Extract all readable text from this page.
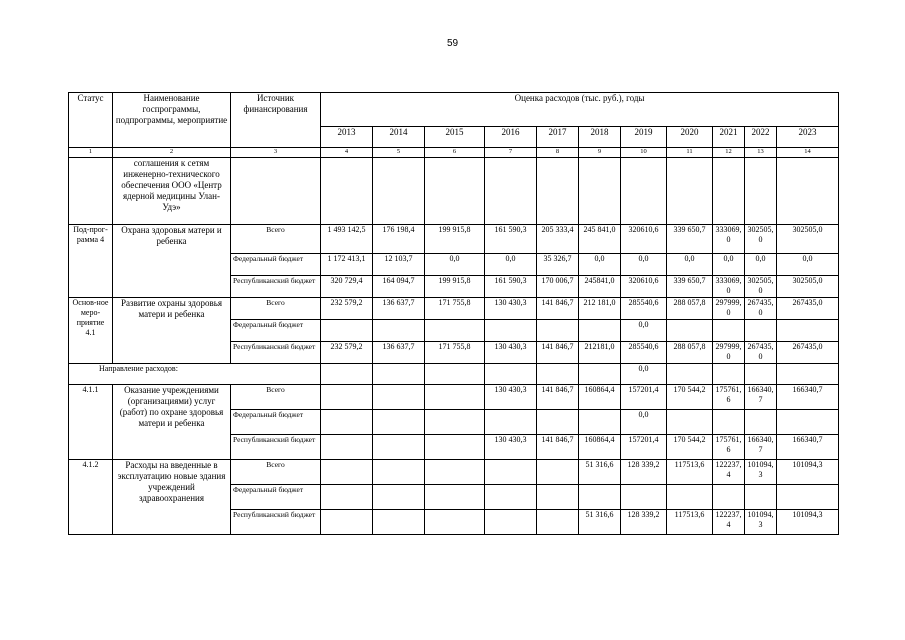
59
Статус	Наименование госпрограммы, подпрограммы, мероприятие	Источник финансирования	Оценка расходов (тыс. руб.), годы										
			2013	2014	2015	2016	2017	2018	2019	2020	2021	2022	2023
1	2	3	4	5	6	7	8	9	10	11	12	13	14
	соглашения к сетям инженерно-технического обеспечения ООО «Центр ядерной медицины Улан-Удэ»												
Под-прог-рамма 4	Охрана здоровья матери и ребенка	Всего	1 493 142,5	176 198,4	199 915,8	161 590,3	205 333,4	245 841,0	320610,6	339 650,7	333069,0	302505,0	302505,0
		Федеральный бюджет	1 172 413,1	12 103,7	0,0	0,0	35 326,7	0,0	0,0	0,0	0,0	0,0	0,0
		Республиканский бюджет	320 729,4	164 094,7	199 915,8	161 590,3	170 006,7	245841,0	320610,6	339 650,7	333069,0	302505,0	302505,0
Основ-ное меро-приятие 4.1	Развитие охраны здоровья матери и ребенка	Всего	232 579,2	136 637,7	171 755,8	130 430,3	141 846,7	212 181,0	285540,6	288 057,8	297999,0	267435,0	267435,0
		Федеральный бюджет							0,0				
		Республиканский бюджет	232 579,2	136 637,7	171 755,8	130 430,3	141 846,7	212181,0	285540,6	288 057,8	297999,0	267435,0	267435,0
Направление расходов:									0,0				
4.1.1	Оказание учреждениями (организациями) услуг (работ) по охране здоровья матери и ребенка	Всего				130 430,3	141 846,7	160864,4	157201,4	170 544,2	175761,6	166340,7	166340,7
		Федеральный бюджет							0,0				
		Республиканский бюджет				130 430,3	141 846,7	160864,4	157201,4	170 544,2	175761,6	166340,7	166340,7
4.1.2	Расходы на введенные в эксплуатацию новые здания учреждений здравоохранения	Всего						51 316,6	128 339,2	117513,6	122237,4	101094,3	101094,3
		Федеральный бюджет											
		Республиканский бюджет						51 316,6	128 339,2	117513,6	122237,4	101094,3	101094,3
